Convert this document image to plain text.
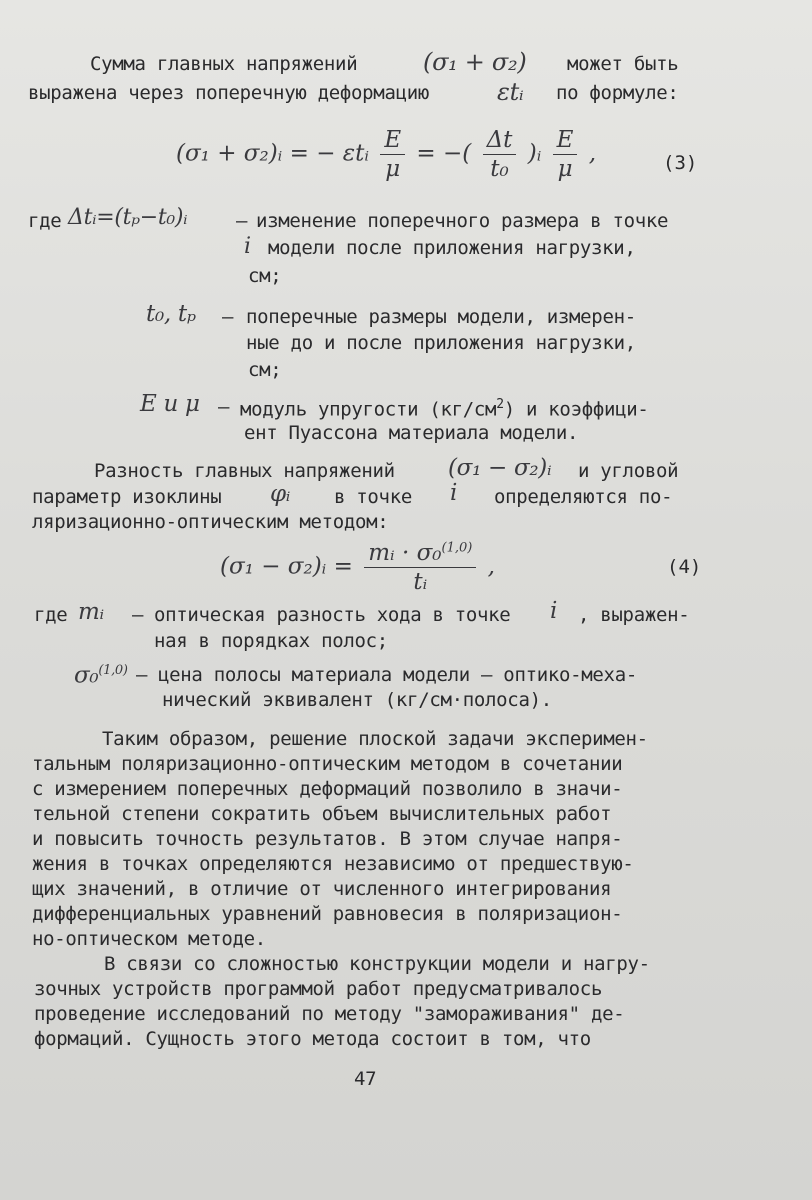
Сумма главных напряжений	(σ₁ + σ₂) может быть
выражена через поперечную деформацию	εtᵢ по формуле:
(σ₁ + σ₂)ᵢ = − εtᵢ $\frac{E}{\mu}$ = −( $\frac{\Delta t}{\text{t₀}}$ )ᵢ $\frac{E}{\mu}$ ,	(3)
где Δtᵢ=(tₚ−t₀)ᵢ	– изменение поперечного размера в точке
i модели после приложения нагрузки,
см;
t₀, tₚ – поперечные размеры модели, измерен-
ные до и после приложения нагрузки,
см;
E и μ – модуль упругости $(кг/см^2)$ и коэффици-
ент Пуассона материала модели.
Разность главных напряжений (σ₁ − σ₂)ᵢ и угловой
параметр изоклины φᵢ в точке i определяются по-
ляризационно-оптическим методом:
(σ₁ − σ₂)ᵢ = $\frac{mᵢ \cdot \sigma_0^{(1,0)}}{\text{tᵢ}}$ ,	(4)
где mᵢ – оптическая разность хода в точке i , выражен-
ная в порядках полос;
σ₀$^{(1,0)}$ – цена полосы материала модели – оптико-меха-
нический эквивалент (кг/см·полоса).
Таким образом, решение плоской задачи эксперимен-
тальным поляризационно-оптическим методом в сочетании
с измерением поперечных деформаций позволило в значи-
тельной степени сократить объем вычислительных работ
и повысить точность результатов. В этом случае напря-
жения в точках определяются независимо от предшествую-
щих значений, в отличие от численного интегрирования
дифференциальных уравнений равновесия в поляризацион-
но-оптическом методе.
В связи со сложностью конструкции модели и нагру-
зочных устройств программой работ предусматривалось
проведение исследований по методу "замораживания" де-
формаций. Сущность этого метода состоит в том, что
47
